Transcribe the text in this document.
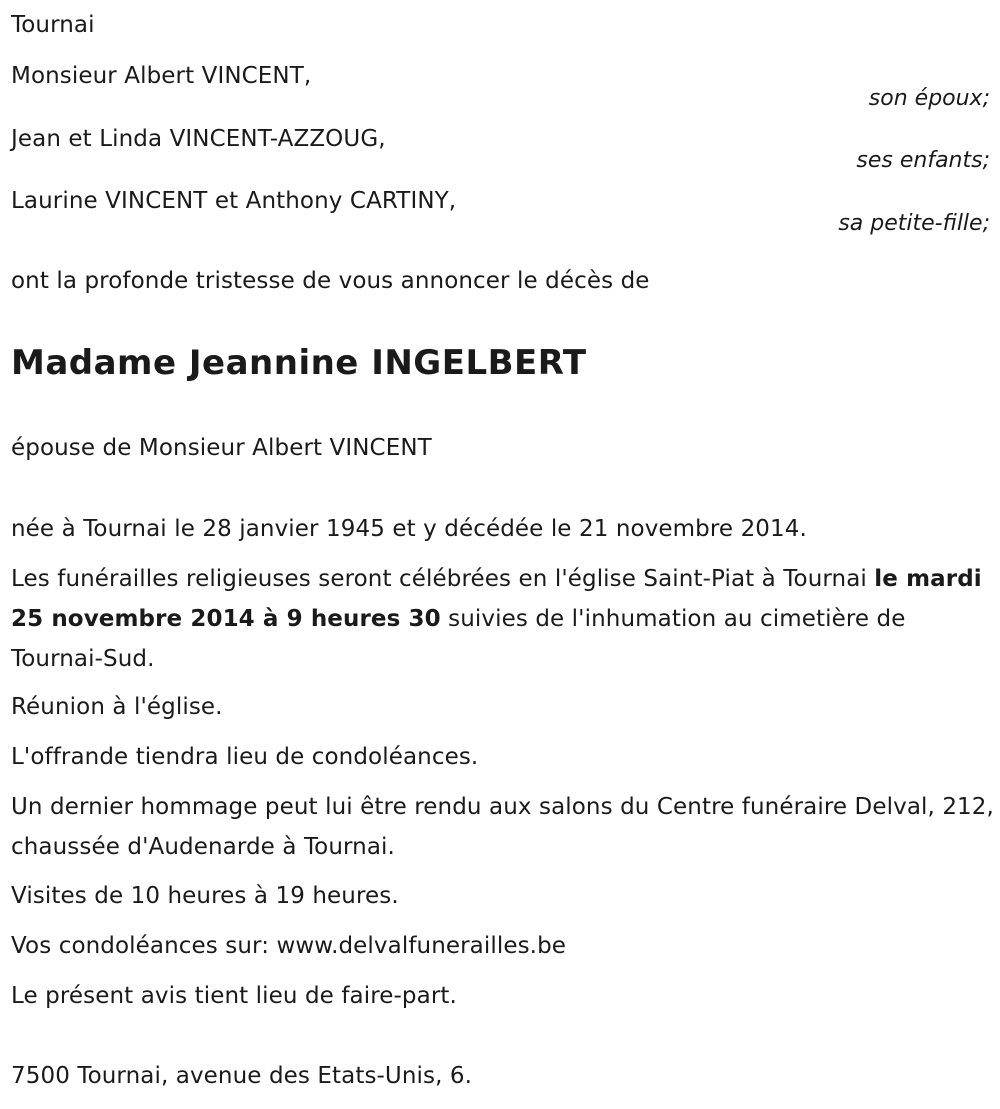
Tournai
Monsieur Albert VINCENT,
son époux;
Jean et Linda VINCENT-AZZOUG,
ses enfants;
Laurine VINCENT et Anthony CARTINY,
sa petite-fille;
ont la profonde tristesse de vous annoncer le décès de
Madame Jeannine INGELBERT
épouse de Monsieur Albert VINCENT
née à Tournai le 28 janvier 1945 et y décédée le 21 novembre 2014.
Les funérailles religieuses seront célébrées en l'église Saint-Piat à Tournai le mardi 25 novembre 2014 à 9 heures 30 suivies de l'inhumation au cimetière de Tournai-Sud.
Réunion à l'église.
L'offrande tiendra lieu de condoléances.
Un dernier hommage peut lui être rendu aux salons du Centre funéraire Delval, 212, chaussée d'Audenarde à Tournai.
Visites de 10 heures à 19 heures.
Vos condoléances sur: www.delvalfunerailles.be
Le présent avis tient lieu de faire-part.
7500 Tournai, avenue des Etats-Unis, 6.
